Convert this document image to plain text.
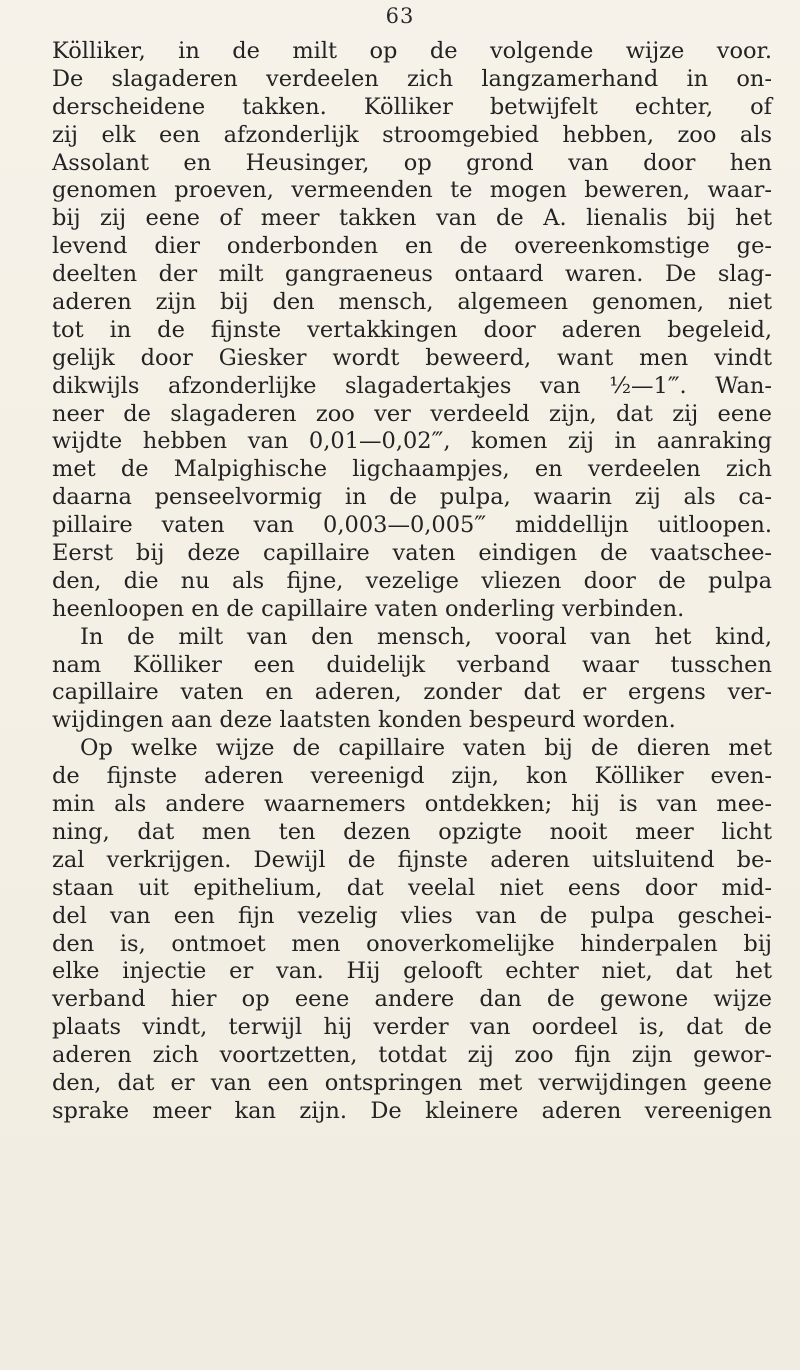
63
Kölliker, in de milt op de volgende wijze voor.
De slagaderen verdeelen zich langzamerhand in on-
derscheidene takken. Kölliker betwijfelt echter, of
zij elk een afzonderlijk stroomgebied hebben, zoo als
Assolant en Heusinger, op grond van door hen
genomen proeven, vermeenden te mogen beweren, waar-
bij zij eene of meer takken van de A. lienalis bij het
levend dier onderbonden en de overeenkomstige ge-
deelten der milt gangraeneus ontaard waren. De slag-
aderen zijn bij den mensch, algemeen genomen, niet
tot in de fijnste vertakkingen door aderen begeleid,
gelijk door Giesker wordt beweerd, want men vindt
dikwijls afzonderlijke slagadertakjes van ½—1‴. Wan-
neer de slagaderen zoo ver verdeeld zijn, dat zij eene
wijdte hebben van 0,01—0,02‴, komen zij in aanraking
met de Malpighische ligchaampjes, en verdeelen zich
daarna penseelvormig in de pulpa, waarin zij als ca-
pillaire vaten van 0,003—0,005‴ middellijn uitloopen.
Eerst bij deze capillaire vaten eindigen de vaatschee-
den, die nu als fijne, vezelige vliezen door de pulpa
heenloopen en de capillaire vaten onderling verbinden.
In de milt van den mensch, vooral van het kind,
nam Kölliker een duidelijk verband waar tusschen
capillaire vaten en aderen, zonder dat er ergens ver-
wijdingen aan deze laatsten konden bespeurd worden.
Op welke wijze de capillaire vaten bij de dieren met
de fijnste aderen vereenigd zijn, kon Kölliker even-
min als andere waarnemers ontdekken; hij is van mee-
ning, dat men ten dezen opzigte nooit meer licht
zal verkrijgen. Dewijl de fijnste aderen uitsluitend be-
staan uit epithelium, dat veelal niet eens door mid-
del van een fijn vezelig vlies van de pulpa geschei-
den is, ontmoet men onoverkomelijke hinderpalen bij
elke injectie er van. Hij gelooft echter niet, dat het
verband hier op eene andere dan de gewone wijze
plaats vindt, terwijl hij verder van oordeel is, dat de
aderen zich voortzetten, totdat zij zoo fijn zijn gewor-
den, dat er van een ontspringen met verwijdingen geene
sprake meer kan zijn. De kleinere aderen vereenigen
